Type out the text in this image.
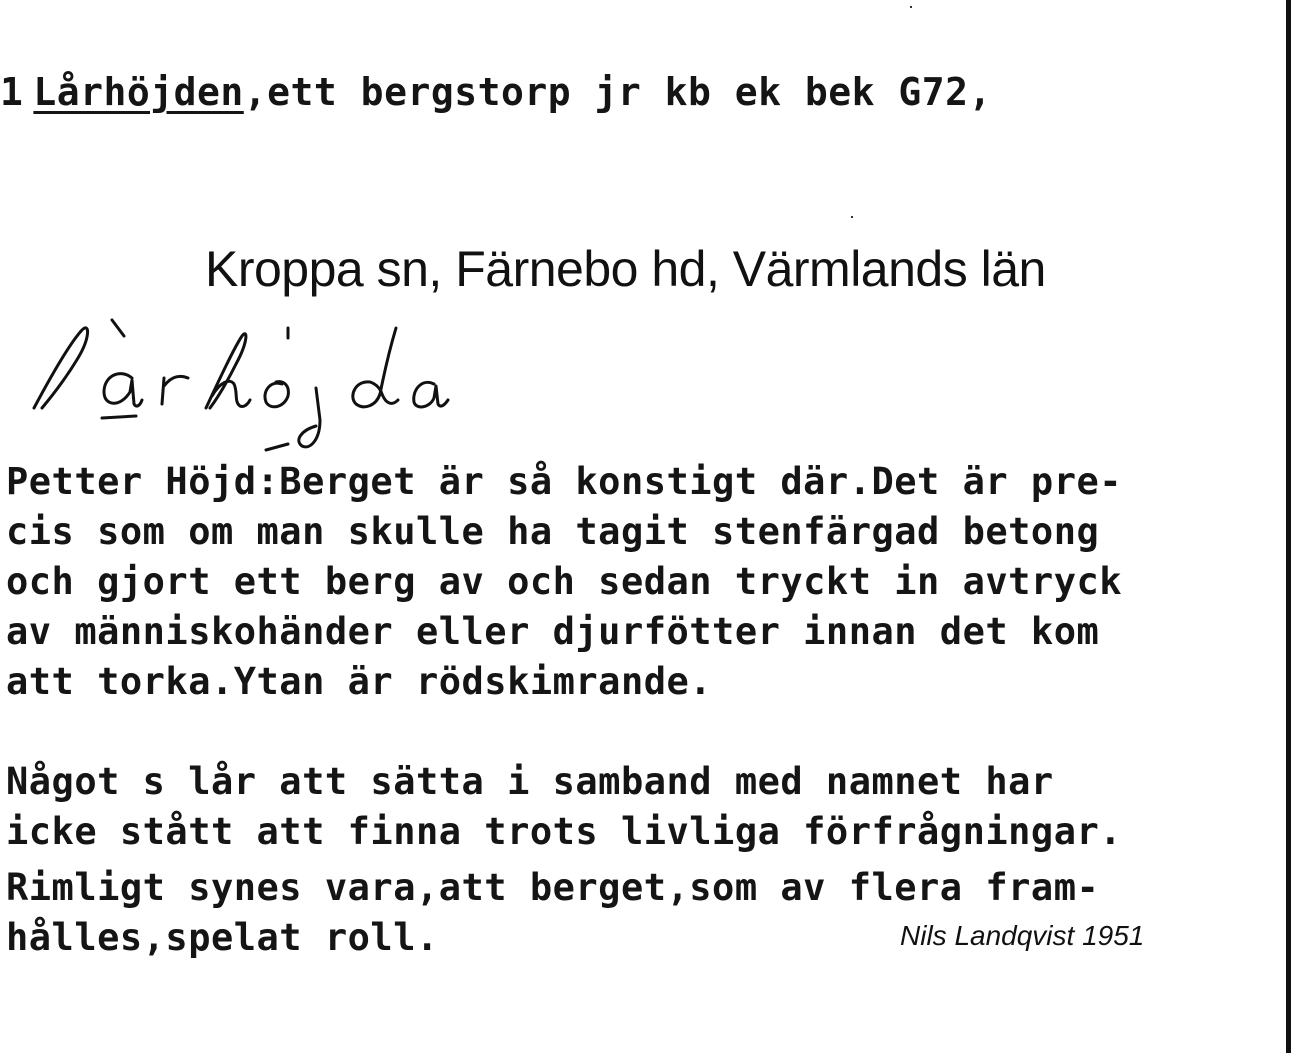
1 Lårhöjden,ett bergstorp jr kb ek bek G72,
Kroppa sn, Färnebo hd, Värmlands län
Petter Höjd:Berget är så konstigt där.Det är pre-
cis som om man skulle ha tagit stenfärgad betong
och gjort ett berg av och sedan tryckt in avtryck
av människohänder eller djurfötter innan det kom
att torka.Ytan är rödskimrande.
Något s lår att sätta i samband med namnet har
icke stått att finna trots livliga förfrågningar.
Rimligt synes vara,att berget,som av flera fram-
hålles,spelat roll.	Nils Landqvist 1951
